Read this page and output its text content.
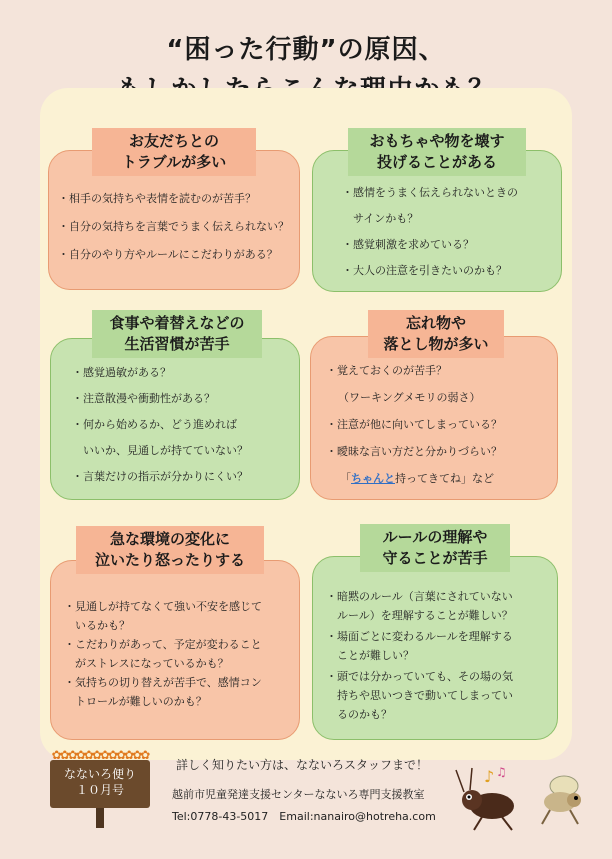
“困った行動”の原因、
お友だちとの
トラブルが多い
・相手の気持ちや表情を読むのが苦手？
・自分の気持ちを言葉でうまく伝えられない？
・自分のやり方やルールにこだわりがある？
おもちゃや物を壊す
投げることがある
・感情をうまく伝えられないときの
　サインかも？
・感覚刺激を求めている？
・大人の注意を引きたいのかも？
食事や着替えなどの
生活習慣が苦手
・感覚過敏がある？
・注意散漫や衝動性がある？
・何から始めるか、どう進めれば
　いいか、見通しが持てていない？
・言葉だけの指示が分かりにくい？
忘れ物や
落とし物が多い
・覚えておくのが苦手？
（ワーキングメモリの弱さ）
・注意が他に向いてしまっている？
・曖昧な言い方だと分かりづらい？
「ちゃんと持ってきてね」など
急な環境の変化に
泣いたり怒ったりする
・見通しが持てなくて強い不安を感じて
　いるかも？
・こだわりがあって、予定が変わること
　がストレスになっているかも？
・気持ちの切り替えが苦手で、感情コン
　トロールが難しいのかも？
ルールの理解や
守ることが苦手
・暗黙のルール（言葉にされていない
　ルール）を理解することが難しい？
・場面ごとに変わるルールを理解する
　ことが難しい？
・頭では分かっていても、その場の気
　持ちや思いつきで動いてしまってい
　るのかも？
詳しく知りたい方は、なないろスタッフまで！
越前市児童発達支援センターなないろ専門支援教室
Tel:0778-43-5017　Email:nanairo@hotreha.com
✿✿✿✿✿✿✿✿✿✿✿✿
なないろ便り
１０月号
♪ ♫
